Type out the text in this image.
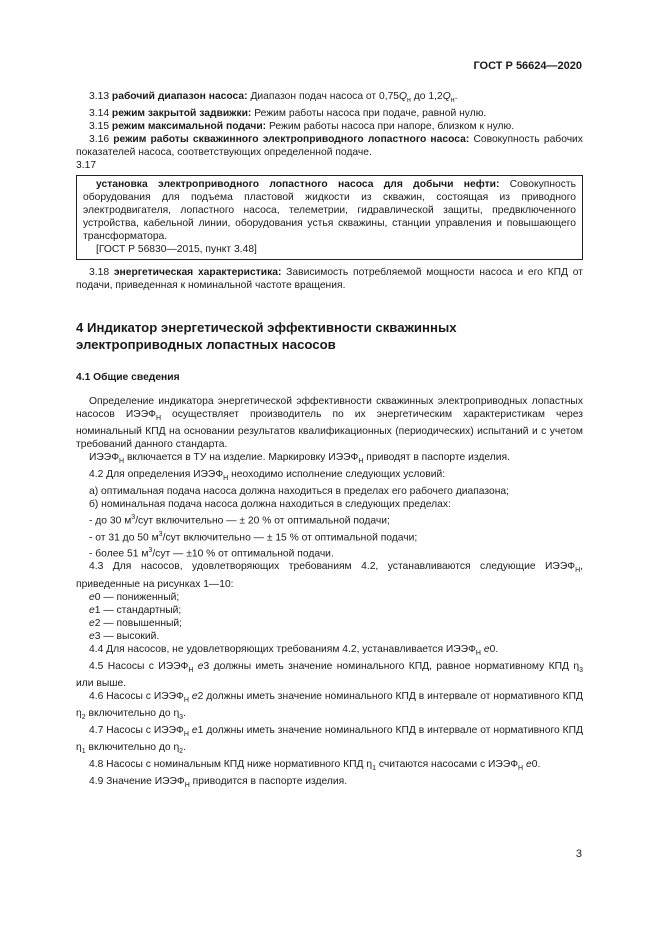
ГОСТ Р 56624—2020

3.13 рабочий диапазон насоса: Диапазон подач насоса от $0,75Q_н$ до $1,2Q_н$.

3.14 режим закрытой задвижки: Режим работы насоса при подаче, равной нулю.

3.15 режим максимальной подачи: Режим работы насоса при напоре, близком к нулю.

3.16 режим работы скважинного электроприводного лопастного насоса: Совокупность рабочих показателей насоса, соответствующих определенной подаче.

3.17

установка электроприводного лопастного насоса для добычи нефти: Совокупность оборудования для подъема пластовой жидкости из скважин, состоящая из приводного электродвигателя, лопастного насоса, телеметрии, гидравлической защиты, предвключенного устройства, кабельной линии, оборудования устья скважины, станции управления и повышающего трансформатора.

[ГОСТ Р 56830—2015, пункт 3.48]

3.18 энергетическая характеристика: Зависимость потребляемой мощности насоса и его КПД от подачи, приведенная к номинальной частоте вращения.

4 Индикатор энергетической эффективности скважинных электроприводных лопастных насосов
4.1 Общие сведения

Определение индикатора энергетической эффективности скважинных электроприводных лопастных насосов $ИЭЭФ_Н$ осуществляет производитель по их энергетическим характеристикам через номинальный КПД на основании результатов квалификационных (периодических) испытаний и с учетом требований данного стандарта.

$ИЭЭФ_Н$ включается в ТУ на изделие. Маркировку $ИЭЭФ_Н$ приводят в паспорте изделия.

4.2 Для определения $ИЭЭФ_Н$ неоходимо исполнение следующих условий:

а) оптимальная подача насоса должна находиться в пределах его рабочего диапазона;

б) номинальная подача насоса должна находиться в следующих пределах:

- до 30 $м^3$/сут включительно — ± 20 % от оптимальной подачи;

- от 31 до 50 $м^3$/сут включительно — ± 15 % от оптимальной подачи;

- более 51 $м^3$/сут — ±10 % от оптимальной подачи.

4.3 Для насосов, удовлетворяющих требованиям 4.2, устанавливаются следующие $ИЭЭФ_Н$, приведенные на рисунках 1—10:

е0 — пониженный;

е1 — стандартный;

е2 — повышенный;

е3 — высокий.

4.4 Для насосов, не удовлетворяющих требованиям 4.2, устанавливается $ИЭЭФ_Н$ е0.

4.5 Насосы с $ИЭЭФ_Н$ е3 должны иметь значение номинального КПД, равное нормативному КПД $\eta_3$ или выше.

4.6 Насосы с $ИЭЭФ_Н$ е2 должны иметь значение номинального КПД в интервале от нормативного КПД $\eta_2$ включительно до $\eta_3$.

4.7 Насосы с $ИЭЭФ_Н$ е1 должны иметь значение номинального КПД в интервале от нормативного КПД $\eta_1$ включительно до $\eta_2$.

4.8 Насосы с номинальным КПД ниже нормативного КПД $\eta_1$ считаются насосами с $ИЭЭФ_Н$ е0.

4.9 Значение $ИЭЭФ_Н$ приводится в паспорте изделия.

3
